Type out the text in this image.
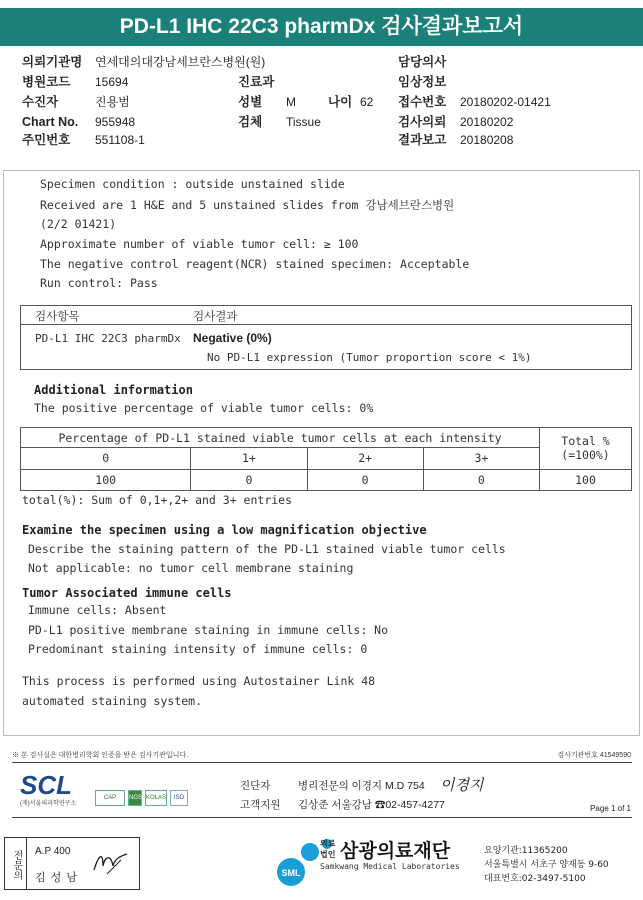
PD-L1 IHC 22C3 pharmDx 검사결과보고서
의뢰기관명 연세대의대강남세브란스병원(원)	담당의사
병원코드 15694	진료과	임상정보
수진자	진용범	성별 M	나이 62 접수번호 20180202-01421
Chart No. 955948	검체 Tissue	검사의뢰 20180202
주민번호 551108-1	결과보고 20180208
Specimen condition : outside unstained slide
Received are 1 H&E and 5 unstained slides from 강남세브란스병원
(2/2 01421)
Approximate number of viable tumor cell: ≥ 100
The negative control reagent(NCR) stained specimen: Acceptable
Run control: Pass
검사항목	검사결과
PD-L1 IHC 22C3 pharmDx Negative (0%)
No PD-L1 expression (Tumor proportion score < 1%)
Additional information
The positive percentage of viable tumor cells: 0%
Percentage of PD-L1 stained viable tumor cells at each intensity				Total %
(=100%)

0	1+	2+	3+	
100	0	0	0	100
total(%): Sum of 0,1+,2+ and 3+ entries
Examine the specimen using a low magnification objective
Describe the staining pattern of the PD-L1 stained viable tumor cells
Not applicable: no tumor cell membrane staining
Tumor Associated immune cells
Immune cells: Absent
PD-L1 positive membrane staining in immune cells: No
Predominant staining intensity of immune cells: 0
This process is performed using Autostainer Link 48
automated staining system.
※ 본 검사실은 대한병리학회 인증을 받은 검사기관입니다.	검사기관번호 41549590
SCL
(재)서울의과학연구소
CAP	NGSP KOLAS	ISO
진단자	병리전문의 이경지 M.D 754 이경지
고객지원 김상준 서울강남 ☎02-457-4277	Page 1 of 1
전문의	A.P 400
김 성 남	SML
의료
법인 삼광의료재단
Samkwang Medical Laboratories
요양기관:11365200
서울특별시 서초구 양재동 9-60
대표번호:02-3497-5100
